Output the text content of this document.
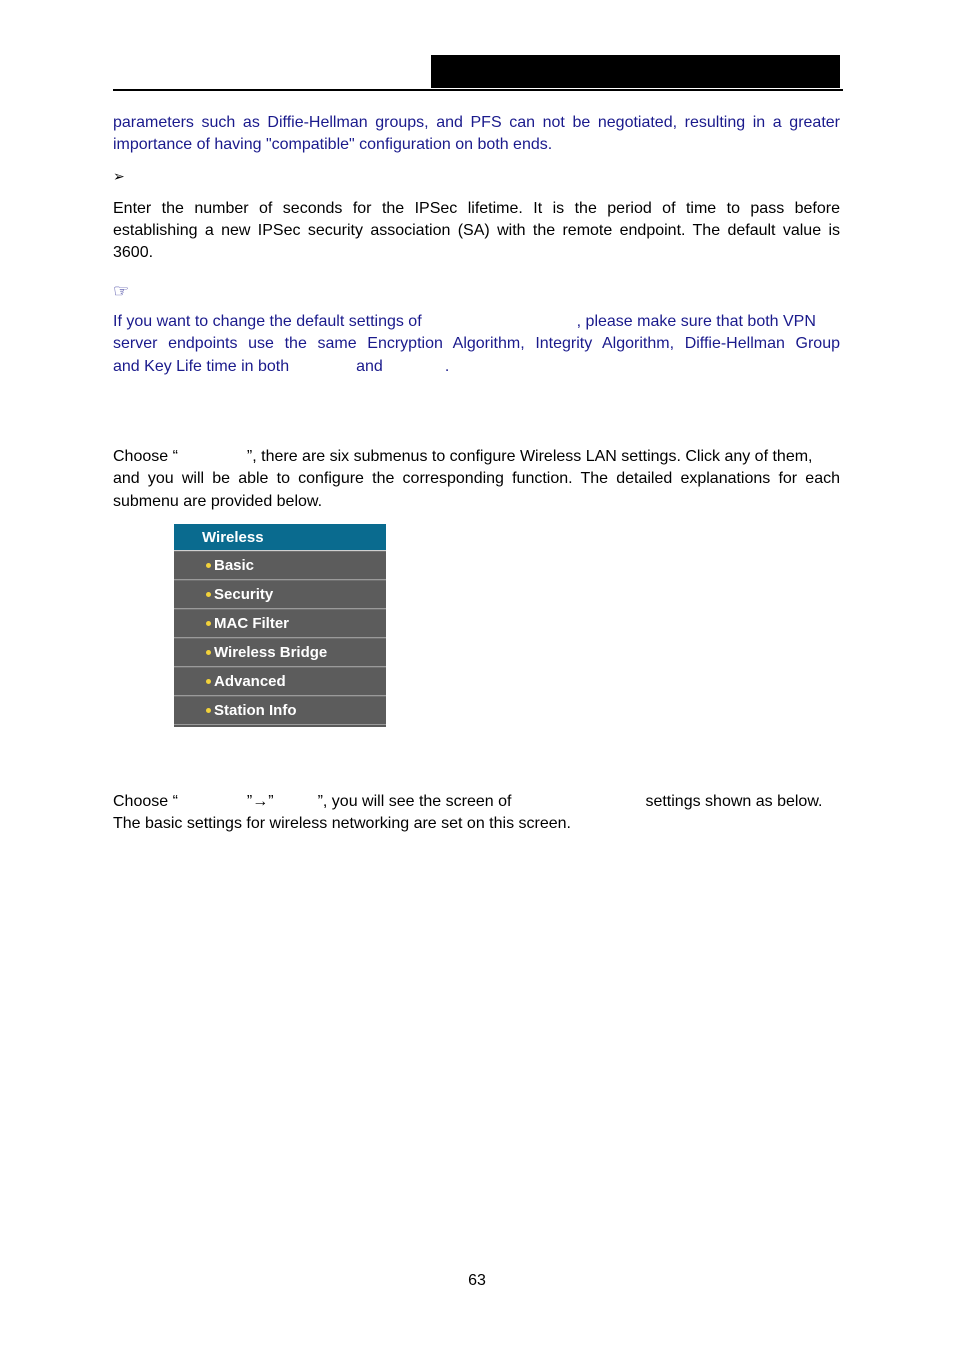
parameters such as Diffie-Hellman groups, and PFS can not be negotiated, resulting in a greater

importance of having "compatible" configuration on both ends.

➢

Enter the number of seconds for the IPSec lifetime. It is the period of time to pass before

establishing a new IPSec security association (SA) with the remote endpoint. The default value is

3600.

☞

If you want to change the default settings of	, please make sure that both VPN

server endpoints use the same Encryption Algorithm, Integrity Algorithm, Diffie-Hellman Group

and Key Life time in both	and	.

Choose “	”, there are six submenus to configure Wireless LAN settings. Click any of them,

and you will be able to configure the corresponding function. The detailed explanations for each

submenu are provided below.

Wireless
Basic
Security
MAC Filter
Wireless Bridge
Advanced
Station Info

Choose “	”→”	”, you will see the screen of	settings shown as below.

The basic settings for wireless networking are set on this screen.

63
